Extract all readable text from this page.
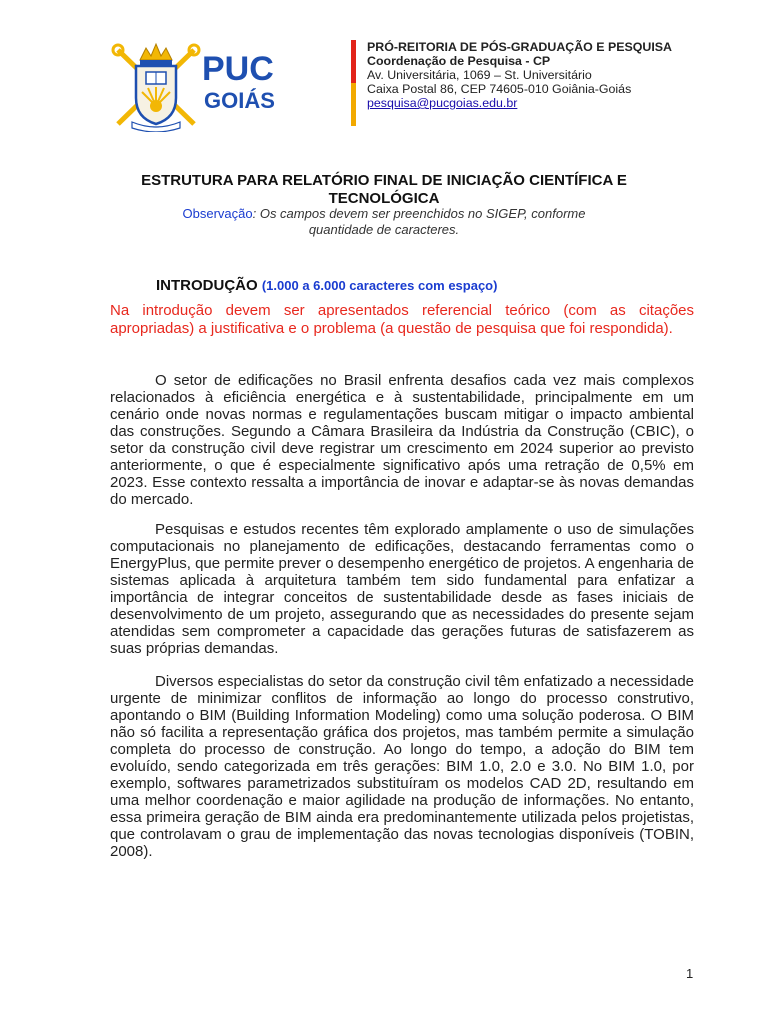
PUC
GOIÁS
PRÓ-REITORIA DE PÓS-GRADUAÇÃO E PESQUISA
Coordenação de Pesquisa - CP
Av. Universitária, 1069 – St. Universitário
Caixa Postal 86, CEP 74605-010 Goiânia-Goiás
pesquisa@pucgoias.edu.br
ESTRUTURA PARA RELATÓRIO FINAL DE INICIAÇÃO CIENTÍFICA E
TECNOLÓGICA
Observação: Os campos devem ser preenchidos no SIGEP, conforme quantidade de caracteres.
INTRODUÇÃO (1.000 a 6.000 caracteres com espaço)
Na introdução devem ser apresentados referencial teórico (com as citações apropriadas) a justificativa e o problema (a questão de pesquisa que foi respondida).
O setor de edificações no Brasil enfrenta desafios cada vez mais complexos relacionados à eficiência energética e à sustentabilidade, principalmente em um cenário onde novas normas e regulamentações buscam mitigar o impacto ambiental das construções. Segundo a Câmara Brasileira da Indústria da Construção (CBIC), o setor da construção civil deve registrar um crescimento em 2024 superior ao previsto anteriormente, o que é especialmente significativo após uma retração de 0,5% em 2023. Esse contexto ressalta a importância de inovar e adaptar-se às novas demandas do mercado.
Pesquisas e estudos recentes têm explorado amplamente o uso de simulações computacionais no planejamento de edificações, destacando ferramentas como o EnergyPlus, que permite prever o desempenho energético de projetos. A engenharia de sistemas aplicada à arquitetura também tem sido fundamental para enfatizar a importância de integrar conceitos de sustentabilidade desde as fases iniciais de desenvolvimento de um projeto, assegurando que as necessidades do presente sejam atendidas sem comprometer a capacidade das gerações futuras de satisfazerem as suas próprias demandas.
Diversos especialistas do setor da construção civil têm enfatizado a necessidade urgente de minimizar conflitos de informação ao longo do processo construtivo, apontando o BIM (Building Information Modeling) como uma solução poderosa. O BIM não só facilita a representação gráfica dos projetos, mas também permite a simulação completa do processo de construção. Ao longo do tempo, a adoção do BIM tem evoluído, sendo categorizada em três gerações: BIM 1.0, 2.0 e 3.0. No BIM 1.0, por exemplo, softwares parametrizados substituíram os modelos CAD 2D, resultando em uma melhor coordenação e maior agilidade na produção de informações. No entanto, essa primeira geração de BIM ainda era predominantemente utilizada pelos projetistas, que controlavam o grau de implementação das novas tecnologias disponíveis (TOBIN, 2008).
1
